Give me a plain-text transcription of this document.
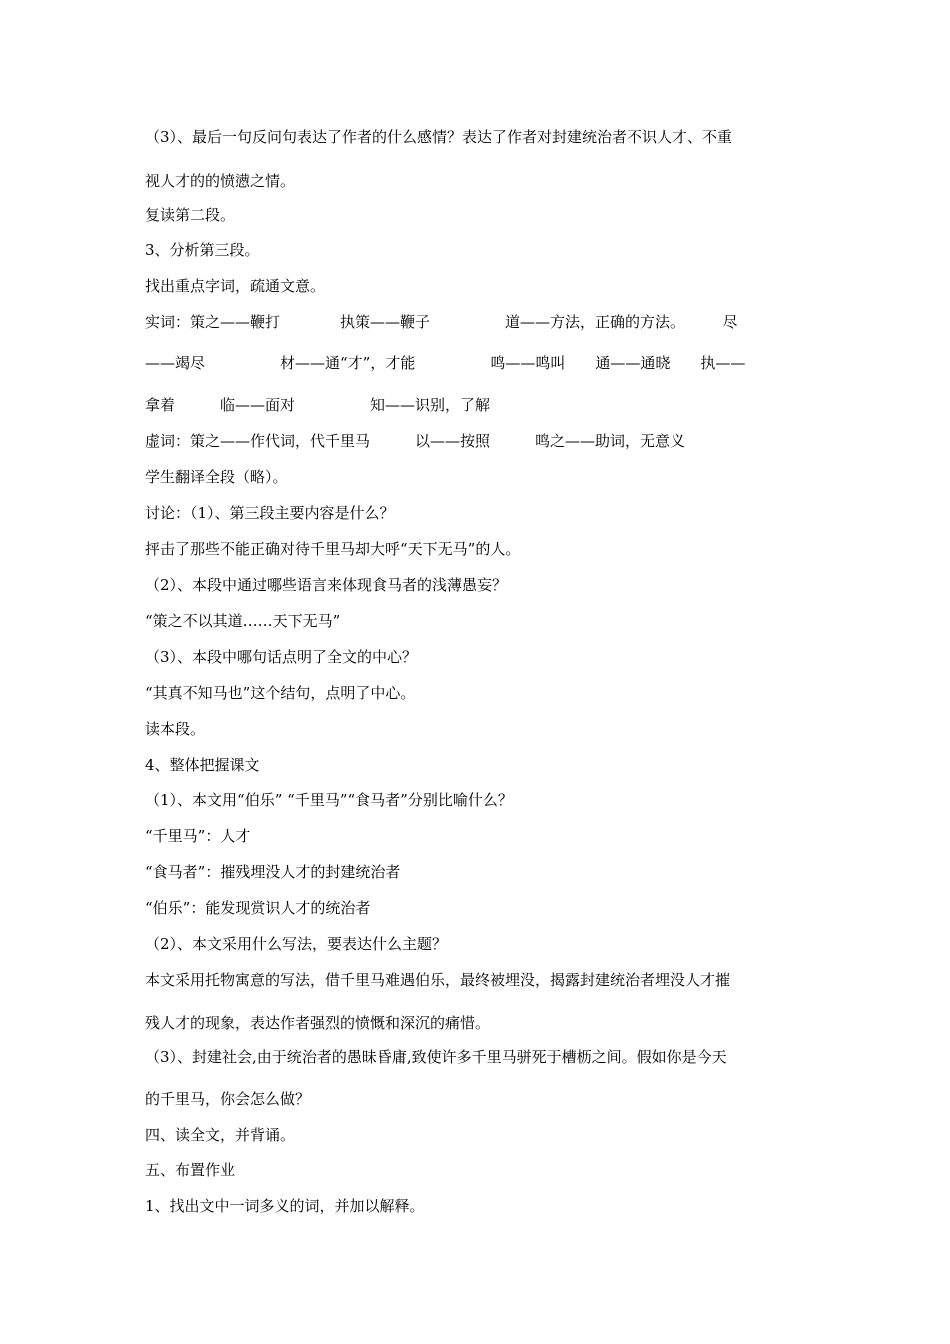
（3）、最后一句反问句表达了作者的什么感情？表达了作者对封建统治者不识人才、不重

视人才的的愤懑之情。

复读第二段。

3、分析第三段。

找出重点字词，疏通文意。

实词：策之——鞭打　　　　执策——鞭子　　　　　道——方法，正确的方法。　　　尽

——竭尽　　　　　材——通“才”，才能　　　　　鸣——鸣叫　　通——通晓　　执——

拿着　　　临——面对　　　　　知——识别，了解

虚词：策之——作代词，代千里马　　　以——按照　　　鸣之——助词，无意义

学生翻译全段（略）。

讨论：（1）、第三段主要内容是什么？

抨击了那些不能正确对待千里马却大呼“天下无马”的人。

（2）、本段中通过哪些语言来体现食马者的浅薄愚妄？

“策之不以其道……天下无马”

（3）、本段中哪句话点明了全文的中心？

“其真不知马也”这个结句，点明了中心。

读本段。

4、整体把握课文

（1）、本文用“伯乐” “千里马”“食马者”分别比喻什么？

“千里马”：人才

“食马者”：摧残埋没人才的封建统治者

“伯乐”：能发现赏识人才的统治者

（2）、本文采用什么写法，要表达什么主题？

本文采用托物寓意的写法，借千里马难遇伯乐，最终被埋没，揭露封建统治者埋没人才摧

残人才的现象，表达作者强烈的愤慨和深沉的痛惜。

（3）、封建社会,由于统治者的愚昧昏庸,致使许多千里马骈死于槽枥之间。假如你是今天

的千里马，你会怎么做？

四、读全文，并背诵。

五、布置作业

1、找出文中一词多义的词，并加以解释。
